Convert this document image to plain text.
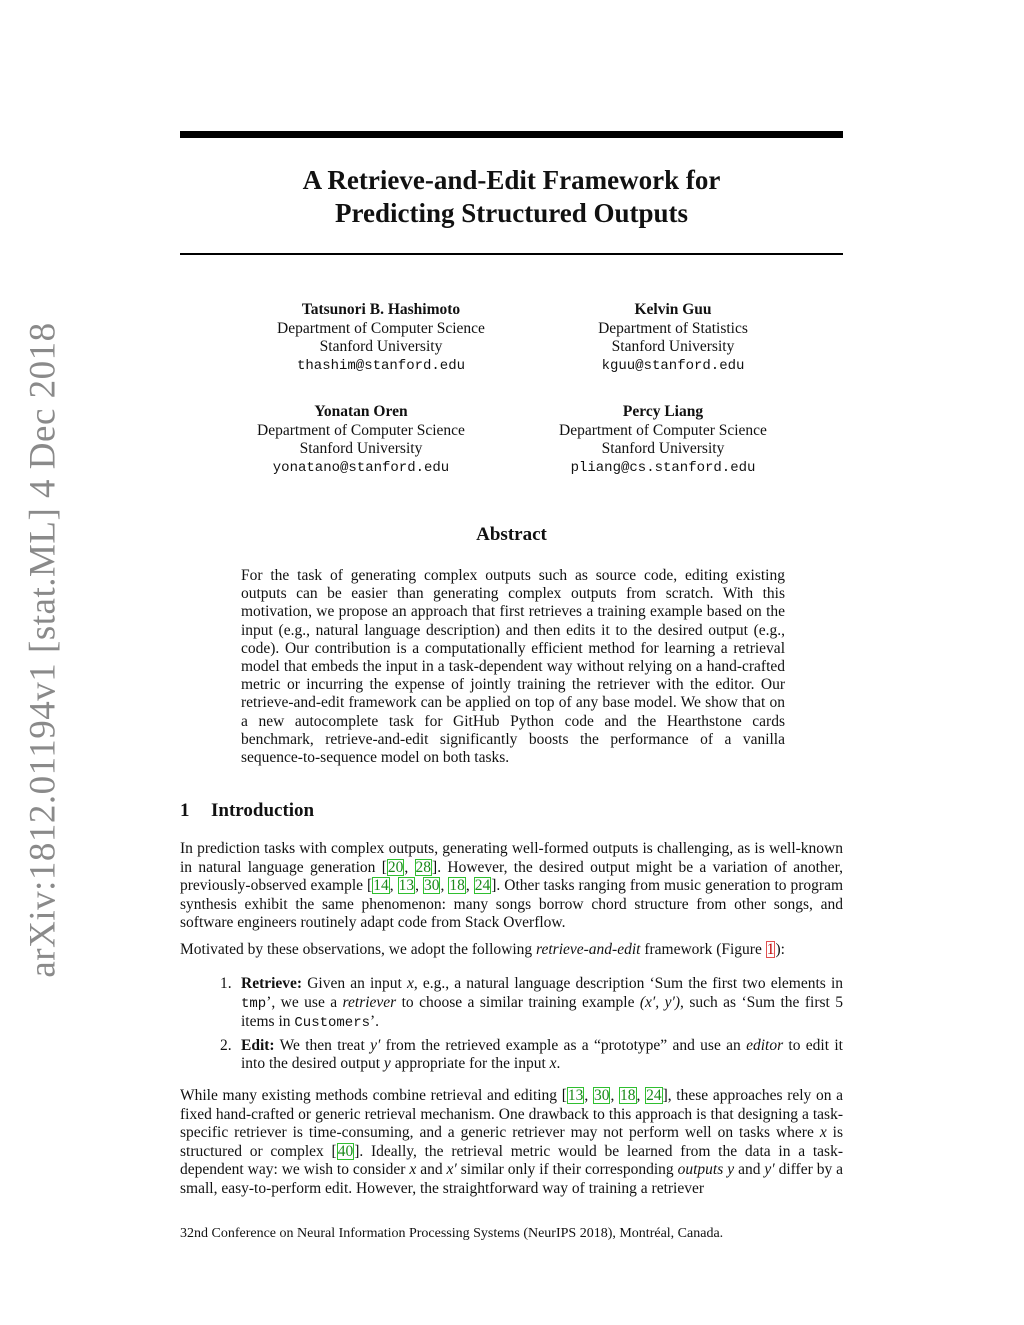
arXiv:1812.01194v1 [stat.ML] 4 Dec 2018
A Retrieve-and-Edit Framework for
Predicting Structured Outputs
Tatsunori B. Hashimoto
Department of Computer Science
Stanford University
thashim@stanford.edu
Kelvin Guu
Department of Statistics
Stanford University
kguu@stanford.edu
Yonatan Oren
Department of Computer Science
Stanford University
yonatano@stanford.edu
Percy Liang
Department of Computer Science
Stanford University
pliang@cs.stanford.edu
Abstract
For the task of generating complex outputs such as source code, editing existing outputs can be easier than generating complex outputs from scratch. With this motivation, we propose an approach that first retrieves a training example based on the input (e.g., natural language description) and then edits it to the desired output (e.g., code). Our contribution is a computationally efficient method for learning a retrieval model that embeds the input in a task-dependent way without relying on a hand-crafted metric or incurring the expense of jointly training the retriever with the editor. Our retrieve-and-edit framework can be applied on top of any base model. We show that on a new autocomplete task for GitHub Python code and the Hearthstone cards benchmark, retrieve-and-edit significantly boosts the performance of a vanilla sequence-to-sequence model on both tasks.
1 Introduction
In prediction tasks with complex outputs, generating well-formed outputs is challenging, as is well-known in natural language generation [20, 28]. However, the desired output might be a variation of another, previously-observed example [14, 13, 30, 18, 24]. Other tasks ranging from music generation to program synthesis exhibit the same phenomenon: many songs borrow chord structure from other songs, and software engineers routinely adapt code from Stack Overflow.
Motivated by these observations, we adopt the following retrieve-and-edit framework (Figure 1):
1. Retrieve: Given an input x, e.g., a natural language description ‘Sum the first two elements in tmp’, we use a retriever to choose a similar training example (x′, y′), such as ‘Sum the first 5 items in Customers’.
2. Edit: We then treat y′ from the retrieved example as a “prototype” and use an editor to edit it into the desired output y appropriate for the input x.
While many existing methods combine retrieval and editing [13, 30, 18, 24], these approaches rely on a fixed hand-crafted or generic retrieval mechanism. One drawback to this approach is that designing a task-specific retriever is time-consuming, and a generic retriever may not perform well on tasks where x is structured or complex [40]. Ideally, the retrieval metric would be learned from the data in a task-dependent way: we wish to consider x and x′ similar only if their corresponding outputs y and y′ differ by a small, easy-to-perform edit. However, the straightforward way of training a retriever
32nd Conference on Neural Information Processing Systems (NeurIPS 2018), Montréal, Canada.
